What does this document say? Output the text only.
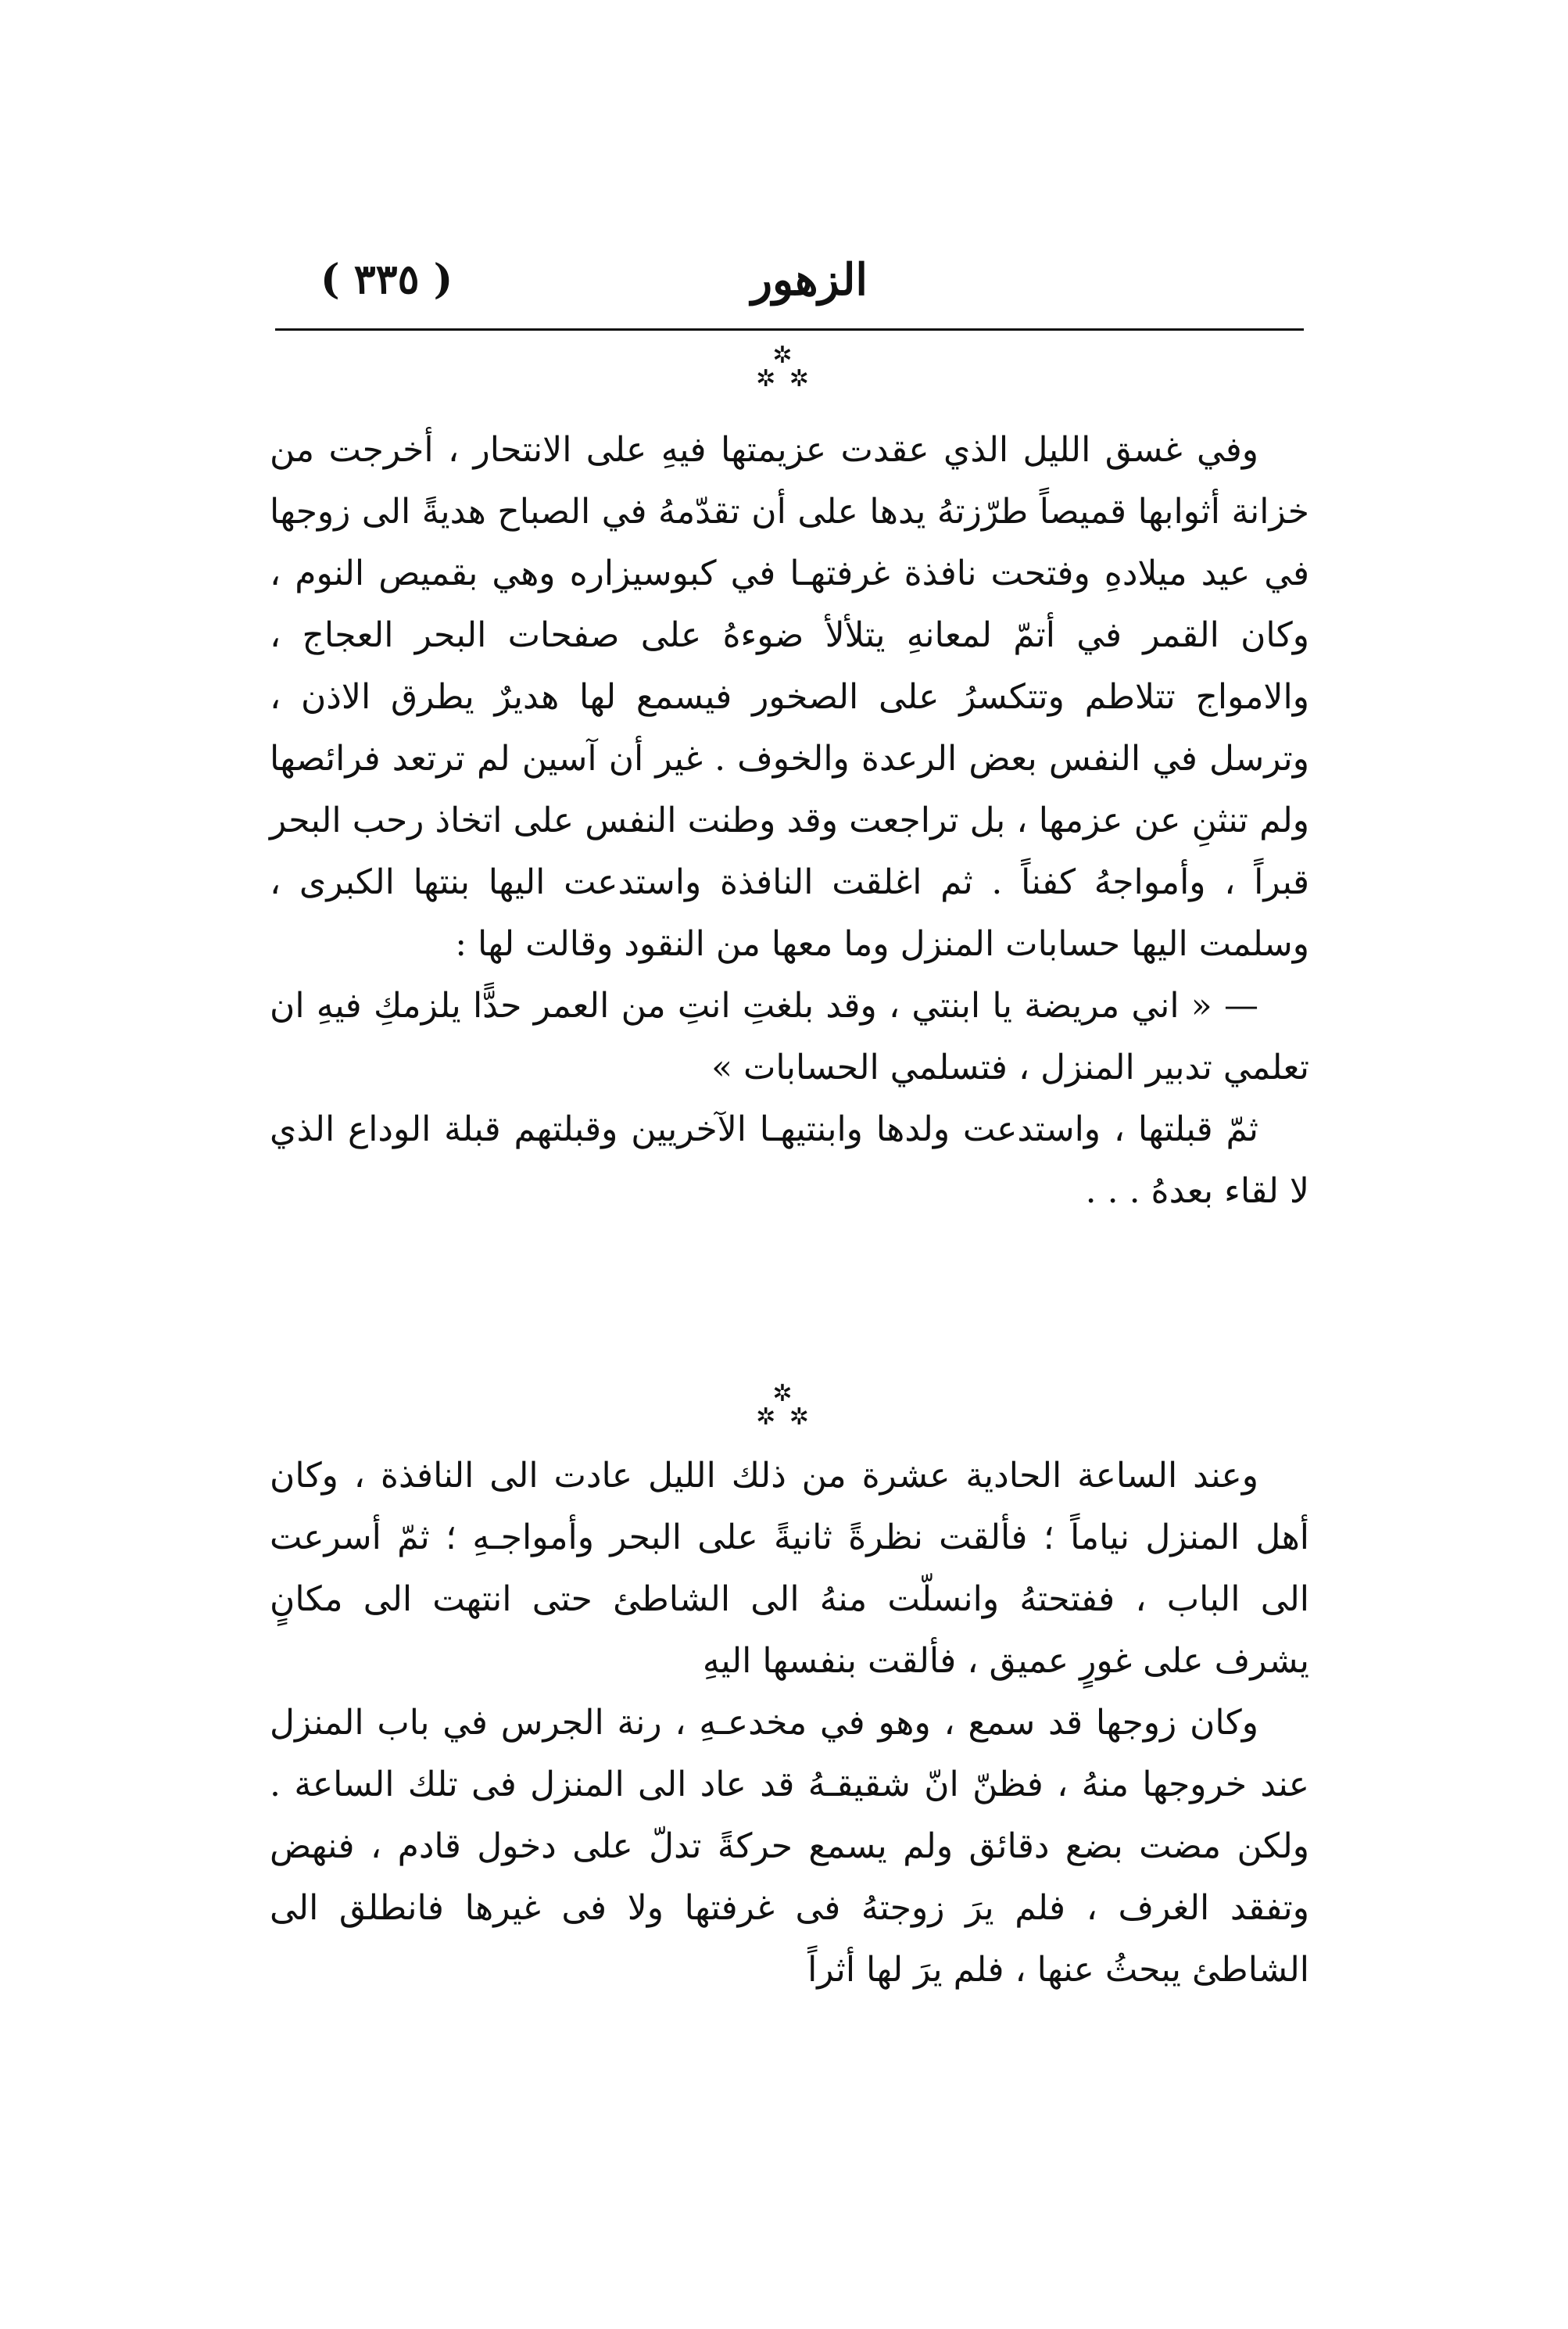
الزهور
( ٣٣٥ )
✲
✲ ✲

وفي غسق الليل الذي عقدت عزيمتها فيهِ على الانتحار ، أخرجت من خزانة أثوابها قميصاً طرّزتهُ يدها على أن تقدّمهُ في الصباح هديةً الى زوجها في عيد ميلادهِ وفتحت نافذة غرفتهـا في كبوسيزاره وهي بقميص النوم ، وكان القمر في أتمّ لمعانهِ يتلألأ ضوءهُ على صفحات البحر العجاج ، والامواج تتلاطم وتتكسرُ على الصخور فيسمع لها هديرٌ يطرق الاذن ، وترسل في النفس بعض الرعدة والخوف . غير أن آسين لم ترتعد فرائصها ولم تنثنِ عن عزمها ، بل تراجعت وقد وطنت النفس على اتخاذ رحب البحر قبراً ، وأمواجهُ كفناً . ثم اغلقت النافذة واستدعت اليها بنتها الكبرى ، وسلمت اليها حسابات المنزل وما معها من النقود وقالت لها :

— « اني مريضة يا ابنتي ، وقد بلغتِ انتِ من العمر حدًّا يلزمكِ فيهِ ان تعلمي تدبير المنزل ، فتسلمي الحسابات »

ثمّ قبلتها ، واستدعت ولدها وابنتيهـا الآخريين وقبلتهم قبلة الوداع الذي لا لقاء بعدهُ . . .

✲
✲ ✲

وعند الساعة الحادية عشرة من ذلك الليل عادت الى النافذة ، وكان أهل المنزل نياماً ؛ فألقت نظرةً ثانيةً على البحر وأمواجـهِ ؛ ثمّ أسرعت الى الباب ، ففتحتهُ وانسلّت منهُ الى الشاطئ حتى انتهت الى مكانٍ يشرف على غورٍ عميق ، فألقت بنفسها اليهِ

وكان زوجها قد سمع ، وهو في مخدعـهِ ، رنة الجرس في باب المنزل عند خروجها منهُ ، فظنّ انّ شقيقـهُ قد عاد الى المنزل فى تلك الساعة . ولكن مضت بضع دقائق ولم يسمع حركةً تدلّ على دخول قادم ، فنهض وتفقد الغرف ، فلم يرَ زوجتهُ فى غرفتها ولا فى غيرها فانطلق الى الشاطئ يبحثُ عنها ، فلم يرَ لها أثراً
